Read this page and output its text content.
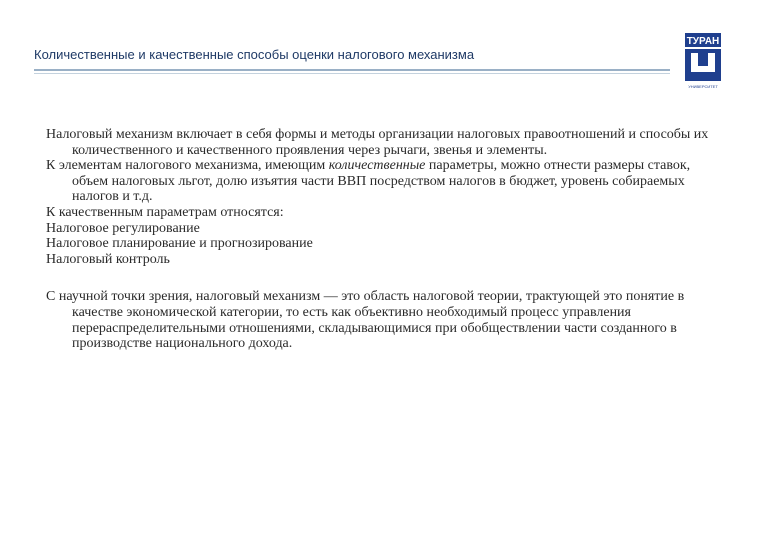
Количественные и качественные способы оценки налогового механизма
ТУРАН
УНИВЕРСИТЕТ
Налоговый механизм включает в себя формы и методы организации налоговых правоотношений и способы их количественного и качественного проявления через рычаги, звенья и элементы.
К элементам налогового механизма, имеющим количественные параметры, можно отнести размеры ставок, объем налоговых льгот, долю изъятия части ВВП посредством налогов в бюджет, уровень собираемых налогов и т.д.
К качественным параметрам относятся:
Налоговое регулирование
Налоговое планирование и прогнозирование
Налоговый контроль
С научной точки зрения, налоговый механизм — это область налоговой теории, трактующей это понятие в качестве экономической категории, то есть как объективно необходимый процесс управления перераспределительными отношениями, складывающимися при обобществлении части созданного в производстве национального дохода.
